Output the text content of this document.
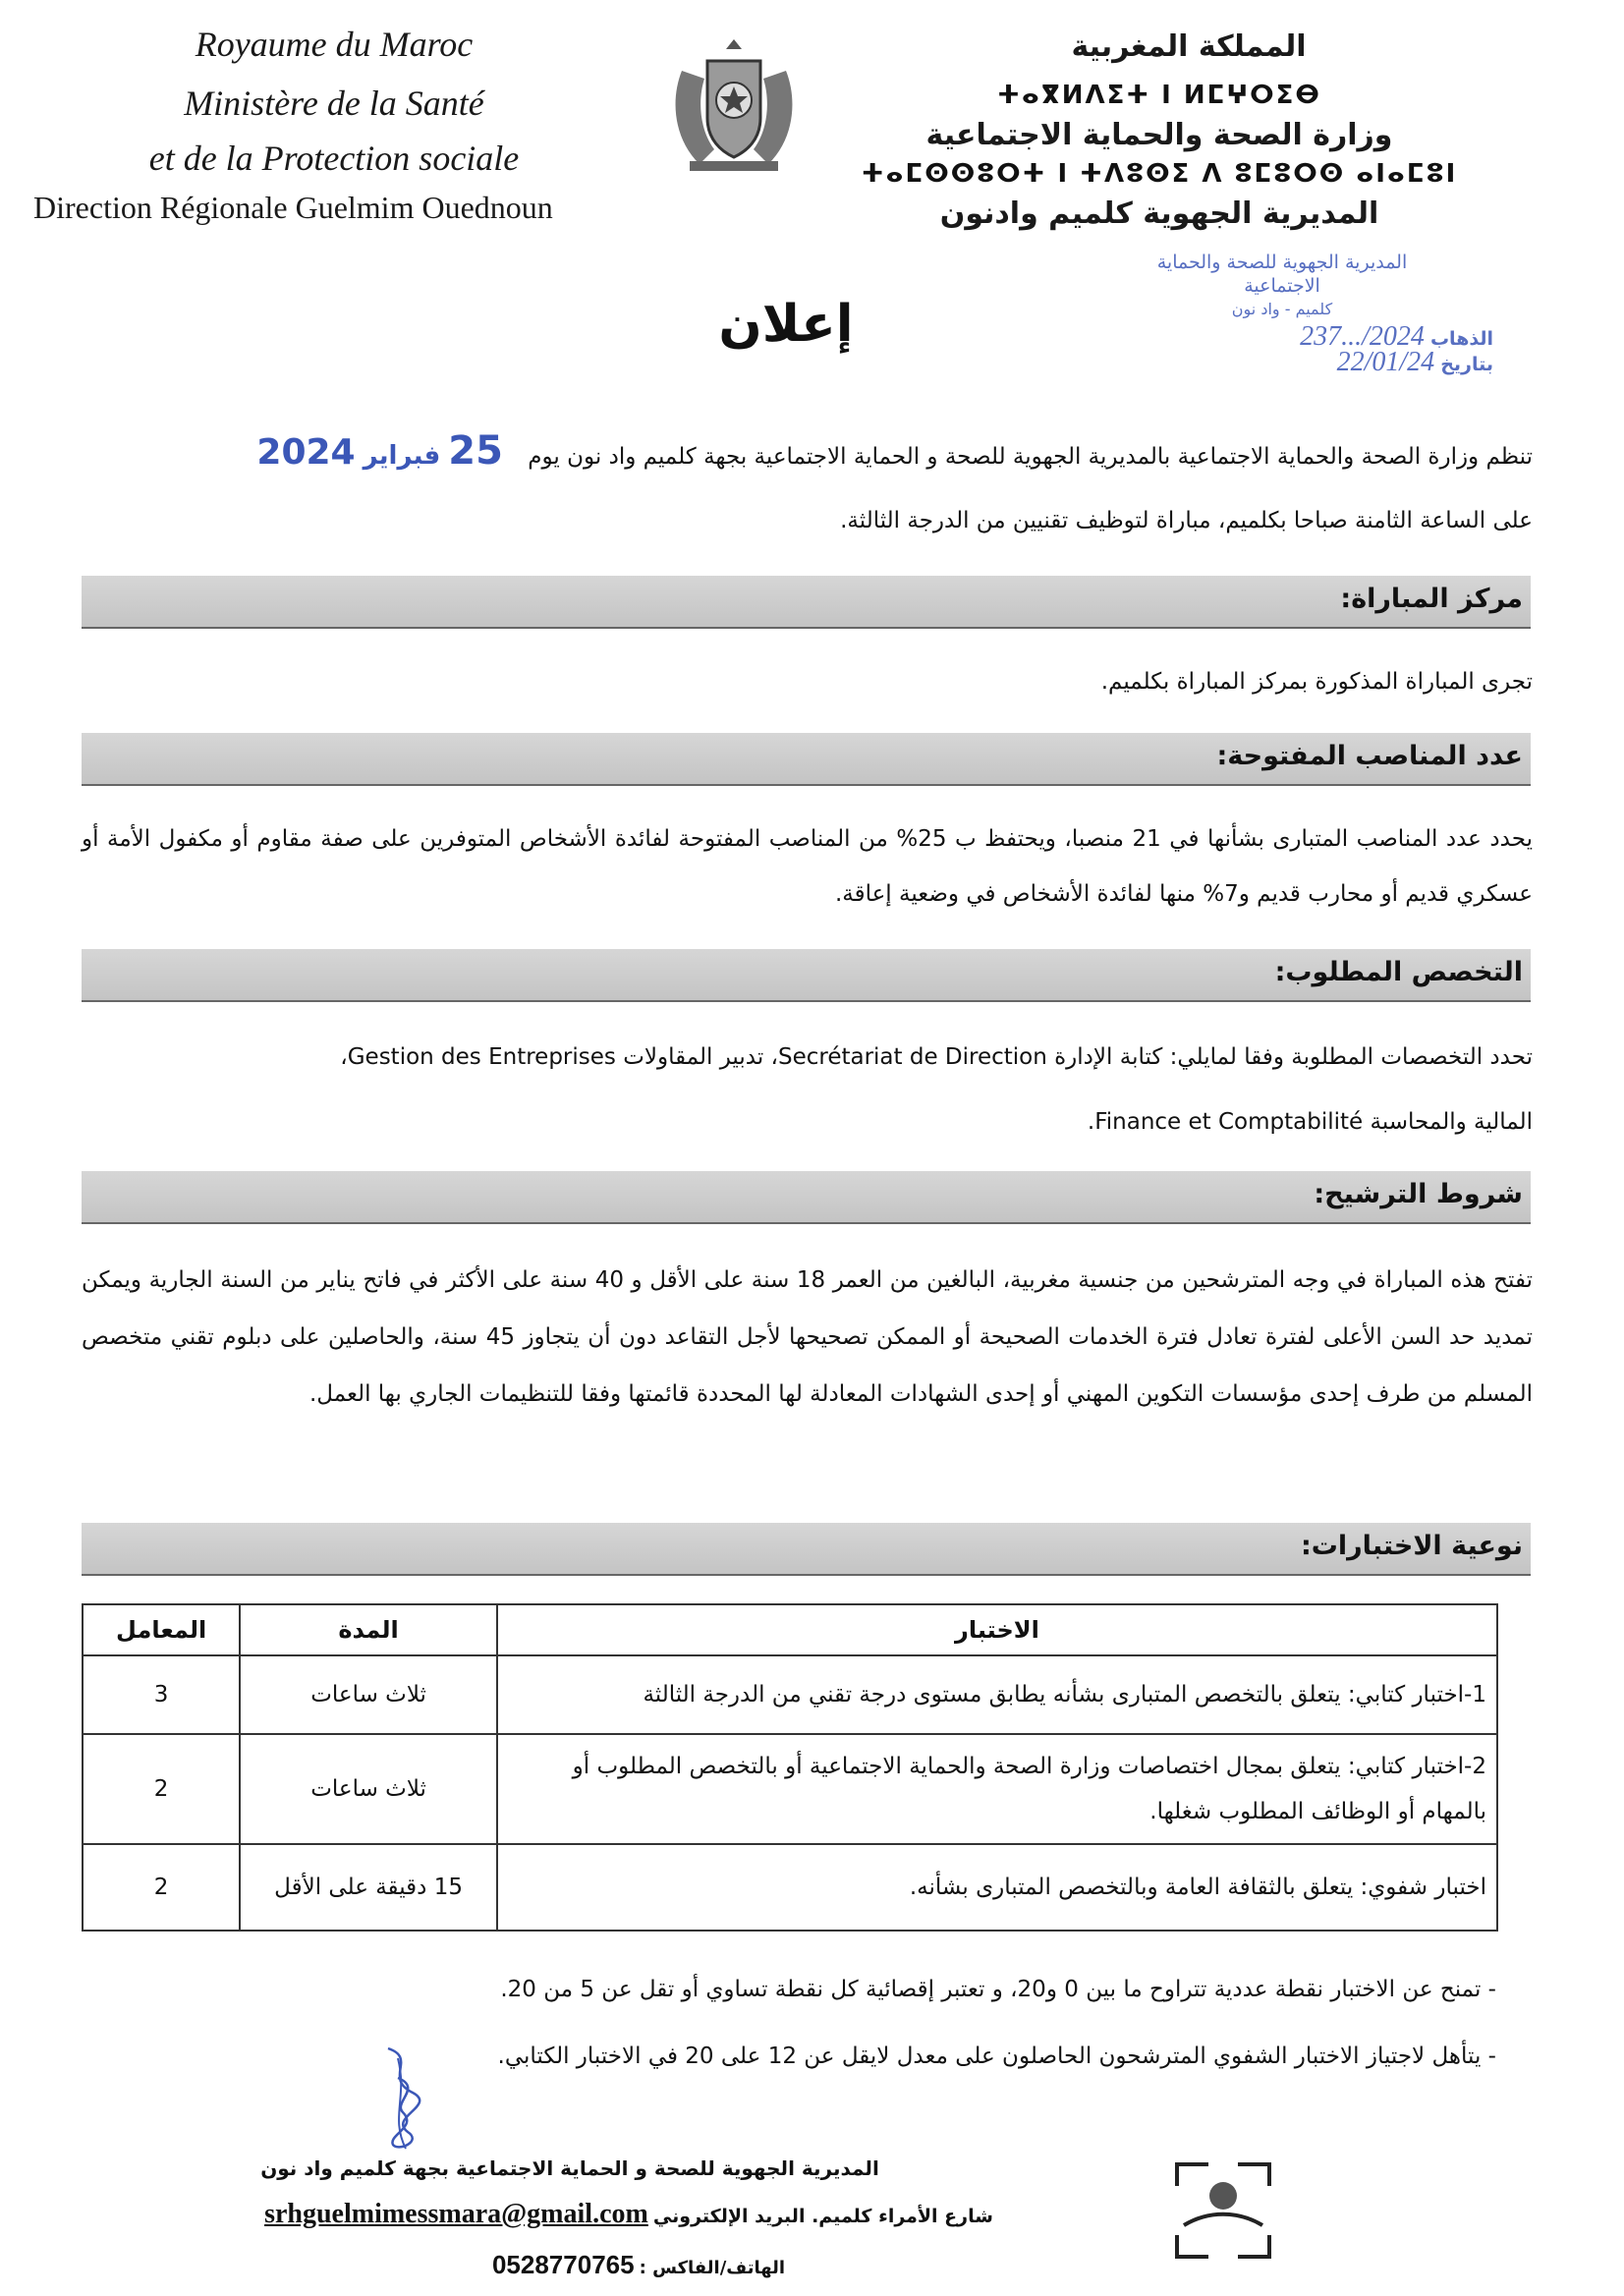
Royaume du Maroc
Ministère de la Santé
et de la Protection sociale
Direction Régionale Guelmim Ouednoun
المملكة المغربية
ⵜⴰⴳⵍⴷⵉⵜ ⵏ ⵍⵎⵖⵔⵉⴱ
وزارة الصحة والحماية الاجتماعية
ⵜⴰⵎⵙⵙⵓⵔⵜ ⵏ ⵜⴷⵓⵙⵉ ⴷ ⵓⵎⵓⵔⵙ ⴰⵏⴰⵎⵓⵏ
المديرية الجهوية كلميم وادنون
المديرية الجهوية للصحة والحماية
الاجتماعية
كلميم - واد نون
الذهاب 2024/...237
بتاريخ 22/01/24
إعلان
تنظم وزارة الصحة والحماية الاجتماعية بالمديرية الجهوية للصحة و الحماية الاجتماعية بجهة كلميم واد نون يوم 25 فبراير 2024
على الساعة الثامنة صباحا بكلميم، مباراة لتوظيف تقنيين من الدرجة الثالثة.
مركز المباراة:
تجرى المباراة المذكورة بمركز المباراة بكلميم.
عدد المناصب المفتوحة:
يحدد عدد المناصب المتبارى بشأنها في 21 منصبا، ويحتفظ ب 25% من المناصب المفتوحة لفائدة الأشخاص المتوفرين على صفة مقاوم أو مكفول الأمة أو عسكري قديم أو محارب قديم و7% منها لفائدة الأشخاص في وضعية إعاقة.
التخصص المطلوب:
تحدد التخصصات المطلوبة وفقا لمايلي: كتابة الإدارة Secrétariat de Direction، تدبير المقاولات Gestion des Entreprises،
المالية والمحاسبة Finance et Comptabilité.
شروط الترشيح:
تفتح هذه المباراة في وجه المترشحين من جنسية مغربية، البالغين من العمر 18 سنة على الأقل و 40 سنة على الأكثر في فاتح يناير من السنة الجارية ويمكن تمديد حد السن الأعلى لفترة تعادل فترة الخدمات الصحيحة أو الممكن تصحيحها لأجل التقاعد دون أن يتجاوز 45 سنة، والحاصلين على دبلوم تقني متخصص المسلم من طرف إحدى مؤسسات التكوين المهني أو إحدى الشهادات المعادلة لها المحددة قائمتها وفقا للتنظيمات الجاري بها العمل.
نوعية الاختبارات:
الاختبار	المدة	المعامل
1-اختبار كتابي: يتعلق بالتخصص المتبارى بشأنه يطابق مستوى درجة تقني من الدرجة الثالثة	ثلاث ساعات	3
2-اختبار كتابي: يتعلق بمجال اختصاصات وزارة الصحة والحماية الاجتماعية أو بالتخصص المطلوب أو بالمهام أو الوظائف المطلوب شغلها.	ثلاث ساعات	2
اختبار شفوي: يتعلق بالثقافة العامة وبالتخصص المتبارى بشأنه.	15 دقيقة على الأقل	2
- تمنح عن الاختبار نقطة عددية تتراوح ما بين 0 و20، و تعتبر إقصائية كل نقطة تساوي أو تقل عن 5 من 20.
- يتأهل لاجتياز الاختبار الشفوي المترشحون الحاصلون على معدل لايقل عن 12 على 20 في الاختبار الكتابي.
المديرية الجهوية للصحة و الحماية الاجتماعية بجهة كلميم واد نون
شارع الأمراء كلميم. البريد الإلكتروني srhguelmimessmara@gmail.com
الهاتف/الفاكس : 0528770765
